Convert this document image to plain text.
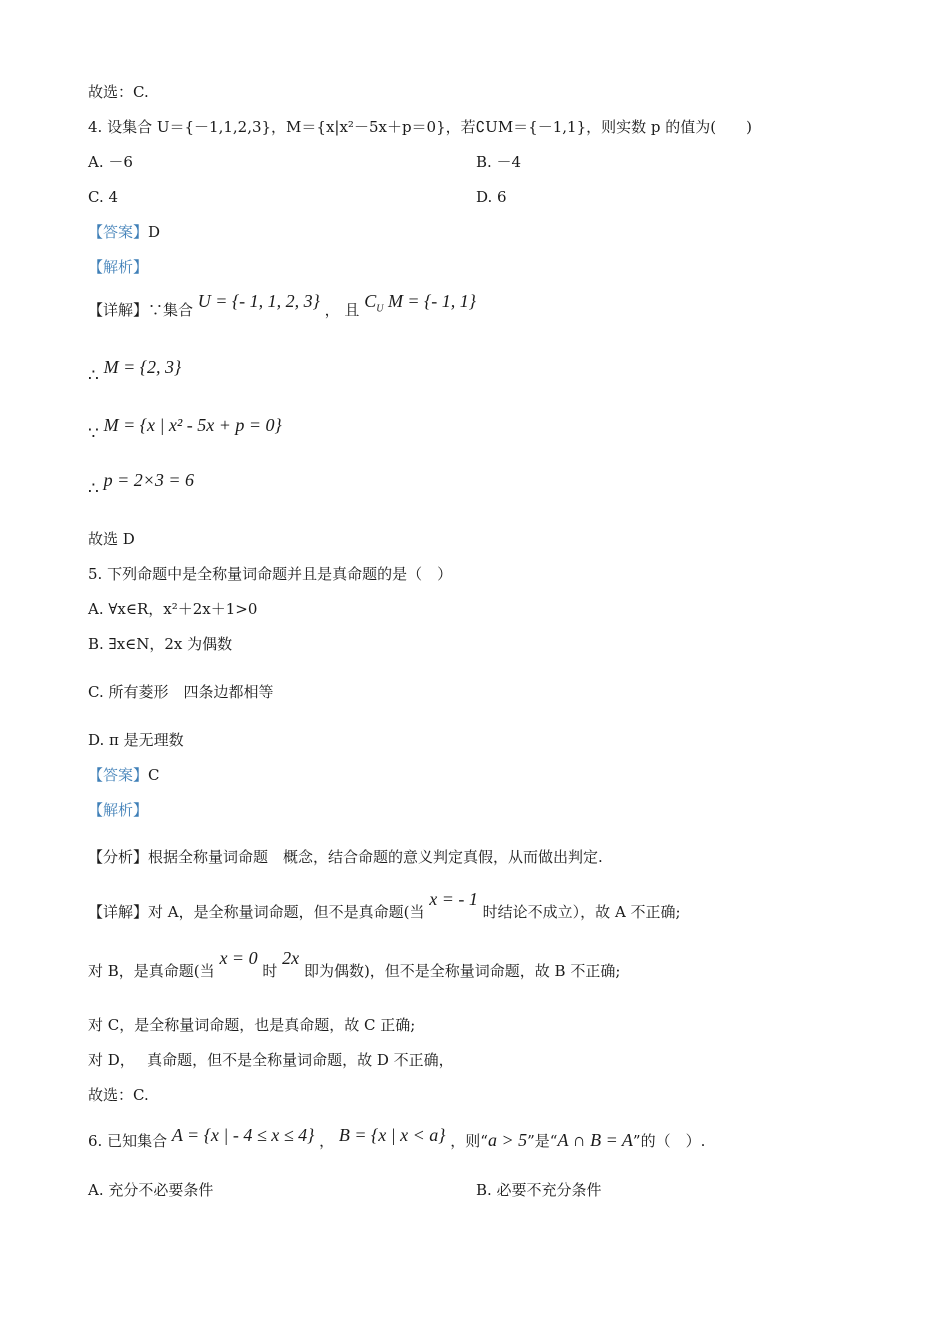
故选：C.
4. 设集合 U＝{－1,1,2,3}，M＝{x|x²－5x＋p＝0}，若∁UM＝{－1,1}，则实数 p 的值为(　　)
A. －6	B. －4
C. 4	D. 6
【答案】D
【解析】
【详解】∵集合 U = {- 1, 1, 2, 3} ， 且 $C_U$ M = {- 1, 1}
∴ M = {2, 3}
∵ M = {x | x² - 5x + p = 0}
∴ p = 2×3 = 6
故选 D
5. 下列命题中是全称量词命题并且是真命题的是（　）
A. ∀x∈R，x²＋2x＋1>0
B. ∃x∈N，2x 为偶数
C. 所有菱形　四条边都相等
D. π 是无理数
【答案】C
【解析】
【分析】根据全称量词命题　概念，结合命题的意义判定真假，从而做出判定.
【详解】对 A，是全称量词命题，但不是真命题(当 x = - 1 时结论不成立），故 A 不正确;
对 B，是真命题(当 x = 0 时 2x 即为偶数)，但不是全称量词命题，故 B 不正确;
对 C，是全称量词命题，也是真命题，故 C 正确;
对 D，　 真命题，但不是全称量词命题，故 D 不正确，
故选：C.
6. 已知集合 A = {x | - 4 ≤ x ≤ 4} ， B = {x | x < a} ，则“a > 5”是“A ∩ B = A”的（　）.
A. 充分不必要条件	B. 必要不充分条件
